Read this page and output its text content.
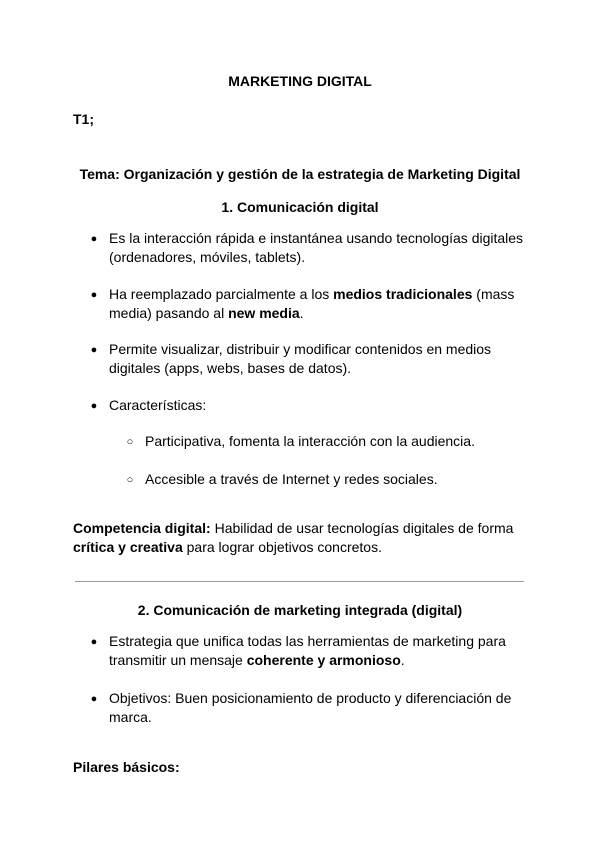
MARKETING DIGITAL
T1;
Tema: Organización y gestión de la estrategia de Marketing Digital
1. Comunicación digital
● Es la interacción rápida e instantánea usando tecnologías digitales
(ordenadores, móviles, tablets).
● Ha reemplazado parcialmente a los medios tradicionales (mass
media) pasando al new media.
● Permite visualizar, distribuir y modificar contenidos en medios
digitales (apps, webs, bases de datos).
● Características:
○ Participativa, fomenta la interacción con la audiencia.
○ Accesible a través de Internet y redes sociales.
Competencia digital: Habilidad de usar tecnologías digitales de forma
crítica y creativa para lograr objetivos concretos.
2. Comunicación de marketing integrada (digital)
● Estrategia que unifica todas las herramientas de marketing para
transmitir un mensaje coherente y armonioso.
● Objetivos: Buen posicionamiento de producto y diferenciación de
marca.
Pilares básicos:
